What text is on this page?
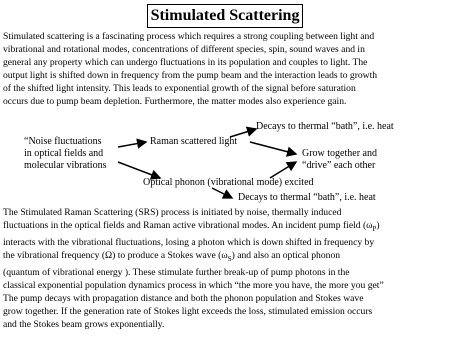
Stimulated Scattering
Stimulated scattering is a fascinating process which requires a strong coupling between light and
vibrational and rotational modes, concentrations of different species, spin, sound waves and in
general any property which can undergo fluctuations in its population and couples to light. The
output light is shifted down in frequency from the pump beam and the interaction leads to growth
of the shifted light intensity. This leads to exponential growth of the signal before saturation
occurs due to pump beam depletion. Furthermore, the matter modes also experience gain.
“Noise fluctuations
in optical fields and
molecular vibrations
Raman scattered light
Decays to thermal “bath”, i.e. heat
Grow together and
“drive” each other
Optical phonon (vibrational mode) excited
Decays to thermal “bath”, i.e. heat
The Stimulated Raman Scattering (SRS) process is initiated by noise, thermally induced
fluctuations in the optical fields and Raman active vibrational modes. An incident pump field $(\omega_P)$
interacts with the vibrational fluctuations, losing a photon which is down shifted in frequency by
the vibrational frequency (Ω) to produce a Stokes wave $(\omega_S)$ and also an optical phonon
(quantum of vibrational energy ). These stimulate further break-up of pump photons in the
classical exponential population dynamics process in which “the more you have, the more you get”
The pump decays with propagation distance and both the phonon population and Stokes wave
grow together. If the generation rate of Stokes light exceeds the loss, stimulated emission occurs
and the Stokes beam grows exponentially.
